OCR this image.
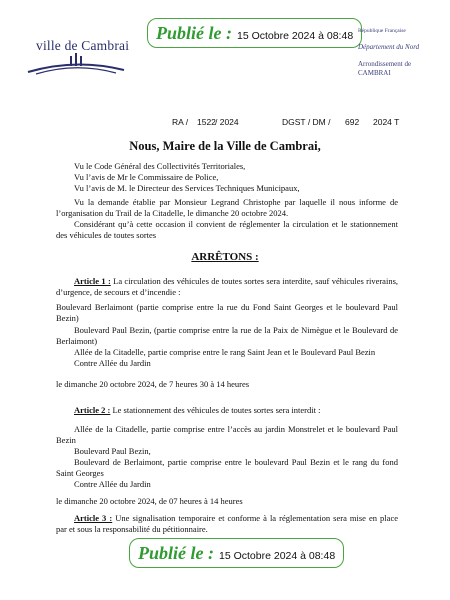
ville de Cambrai
Publié le : 15 Octobre 2024 à 08:48 République Française
Département du Nord
Arrondissement de CAMBRAI
RA / 1522 / 2024	DGST / DM / 692 2024 T
Nous, Maire de la Ville de Cambrai,
Vu le Code Général des Collectivités Territoriales,
Vu l’avis de Mr le Commissaire de Police,
Vu l’avis de M. le Directeur des Services Techniques Municipaux,
Vu la demande établie par Monsieur Legrand Christophe par laquelle il nous informe de l’organisation du Trail de la Citadelle, le dimanche 20 octobre 2024.
Considérant qu’à cette occasion il convient de réglementer la circulation et le stationnement des véhicules de toutes sortes
ARRÊTONS :
Article 1 : La circulation des véhicules de toutes sortes sera interdite, sauf véhicules riverains, d’urgence, de secours et d’incendie :
Boulevard Berlaimont (partie comprise entre la rue du Fond Saint Georges et le boulevard Paul Bezin)
Boulevard Paul Bezin, (partie comprise entre la rue de la Paix de Nimègue et le Boulevard de Berlaimont)
Allée de la Citadelle, partie comprise entre le rang Saint Jean et le Boulevard Paul Bezin
Contre Allée du Jardin
le dimanche 20 octobre 2024, de 7 heures 30 à 14 heures
Article 2 : Le stationnement des véhicules de toutes sortes sera interdit :
Allée de la Citadelle, partie comprise entre l’accès au jardin Monstrelet et le boulevard Paul Bezin
Boulevard Paul Bezin,
Boulevard de Berlaimont, partie comprise entre le boulevard Paul Bezin et le rang du fond Saint Georges
Contre Allée du Jardin
le dimanche 20 octobre 2024, de 07 heures à 14 heures
Article 3 : Une signalisation temporaire et conforme à la réglementation sera mise en place par et sous la responsabilité du pétitionnaire.
Publié le : 15 Octobre 2024 à 08:48
